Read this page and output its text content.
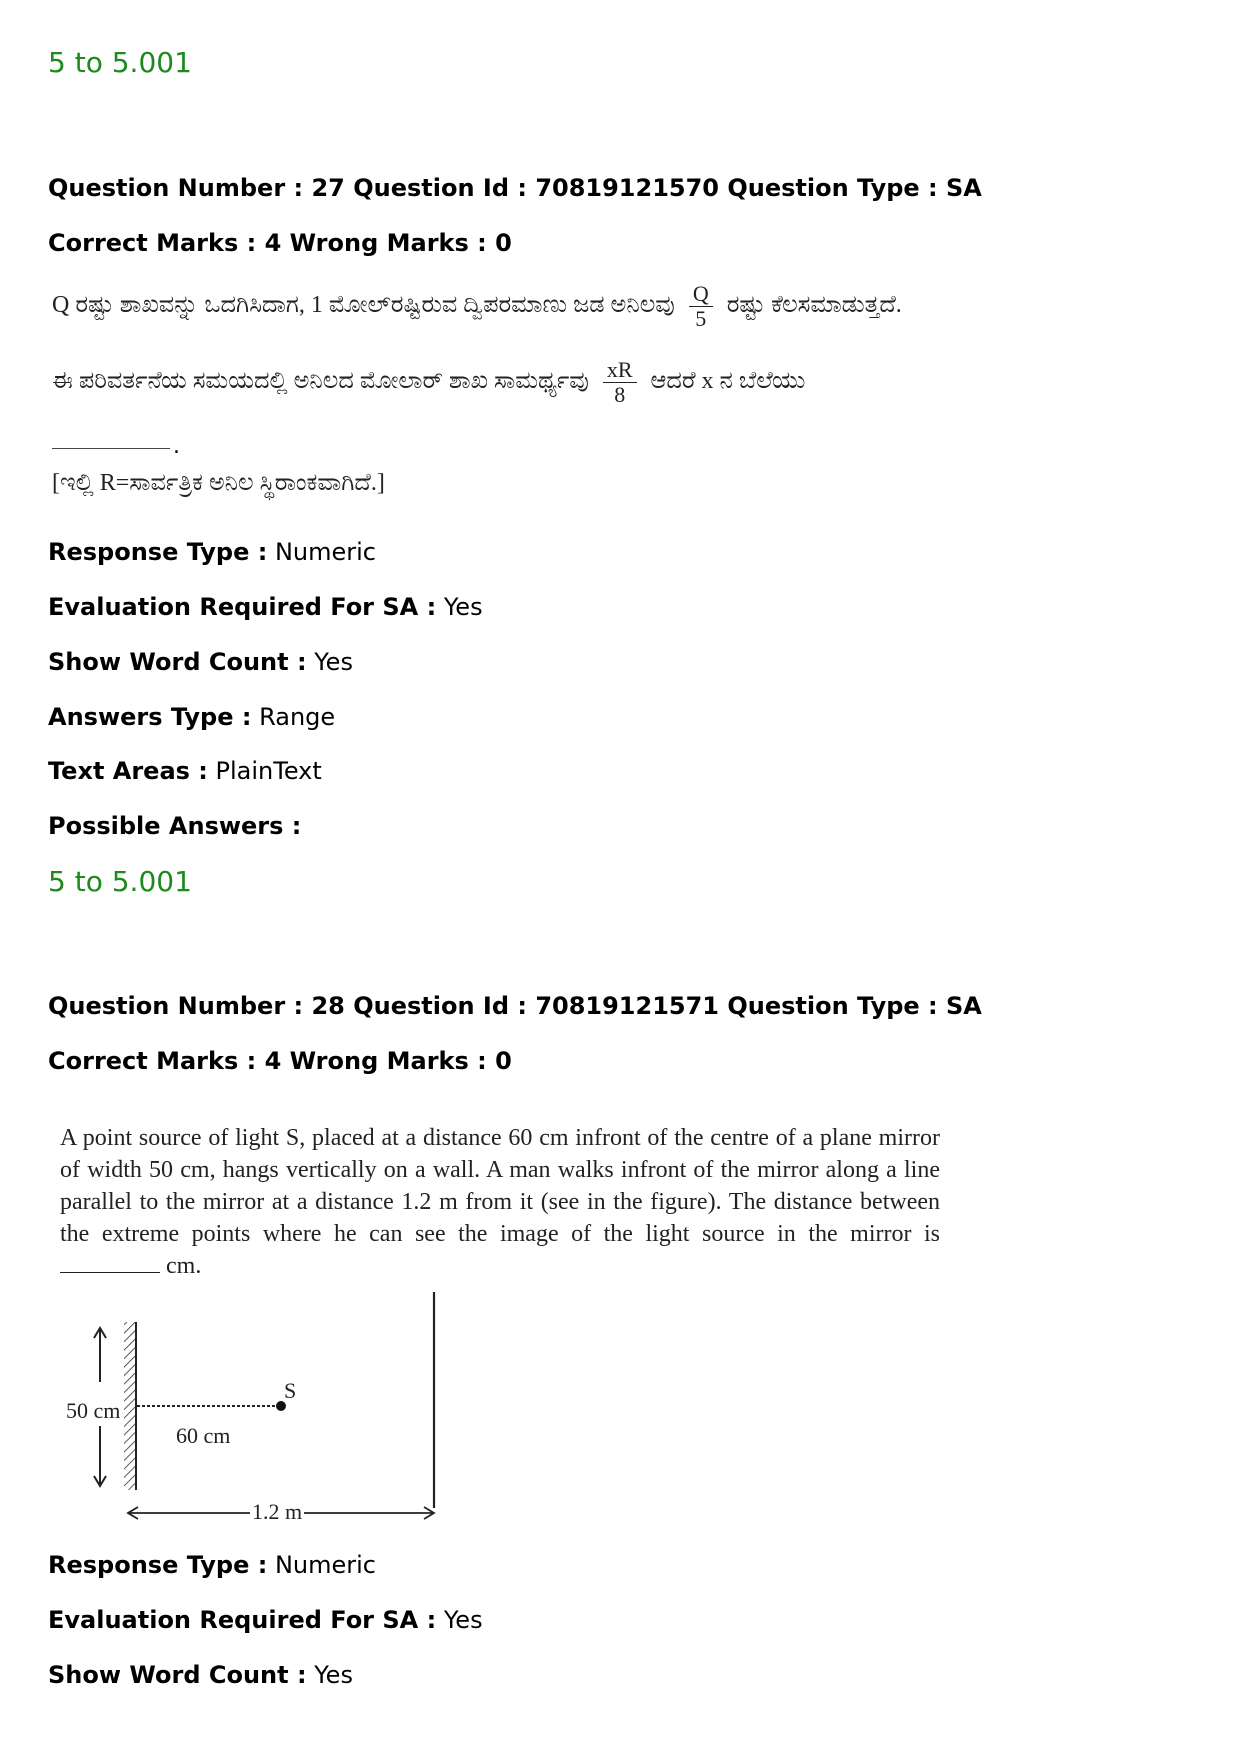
5 to 5.001
Question Number : 27 Question Id : 70819121570 Question Type : SA
Correct Marks : 4 Wrong Marks : 0
Q ರಷ್ಟು ಶಾಖವನ್ನು ಒದಗಿಸಿದಾಗ, 1 ಮೋಲ್‌ರಷ್ಟಿರುವ ದ್ವಿಪರಮಾಣು ಜಡ ಅನಿಲವು $\frac{Q}{5}$ ರಷ್ಟು ಕೆಲಸಮಾಡುತ್ತದೆ.
ಈ ಪರಿವರ್ತನೆಯ ಸಮಯದಲ್ಲಿ ಅನಿಲದ ಮೋಲಾರ್ ಶಾಖ ಸಾಮರ್ಥ್ಯವು $\frac{xR}{8}$ ಆದರೆ x ನ ಬೆಲೆಯು
.
[ಇಲ್ಲಿ R=ಸಾರ್ವತ್ರಿಕ ಅನಿಲ ಸ್ಥಿರಾಂಕವಾಗಿದೆ.]
Response Type : Numeric
Evaluation Required For SA : Yes
Show Word Count : Yes
Answers Type : Range
Text Areas : PlainText
Possible Answers :
5 to 5.001
Question Number : 28 Question Id : 70819121571 Question Type : SA
Correct Marks : 4 Wrong Marks : 0
A point source of light S, placed at a distance 60 cm infront of the centre of a plane mirror of width 50 cm, hangs vertically on a wall. A man walks infront of the mirror along a line parallel to the mirror at a distance 1.2 m from it (see in the figure). The distance between the extreme points where he can see the image of the light source in the mirror is  cm.
50 cm
S
60 cm
1.2 m
Response Type : Numeric
Evaluation Required For SA : Yes
Show Word Count : Yes
